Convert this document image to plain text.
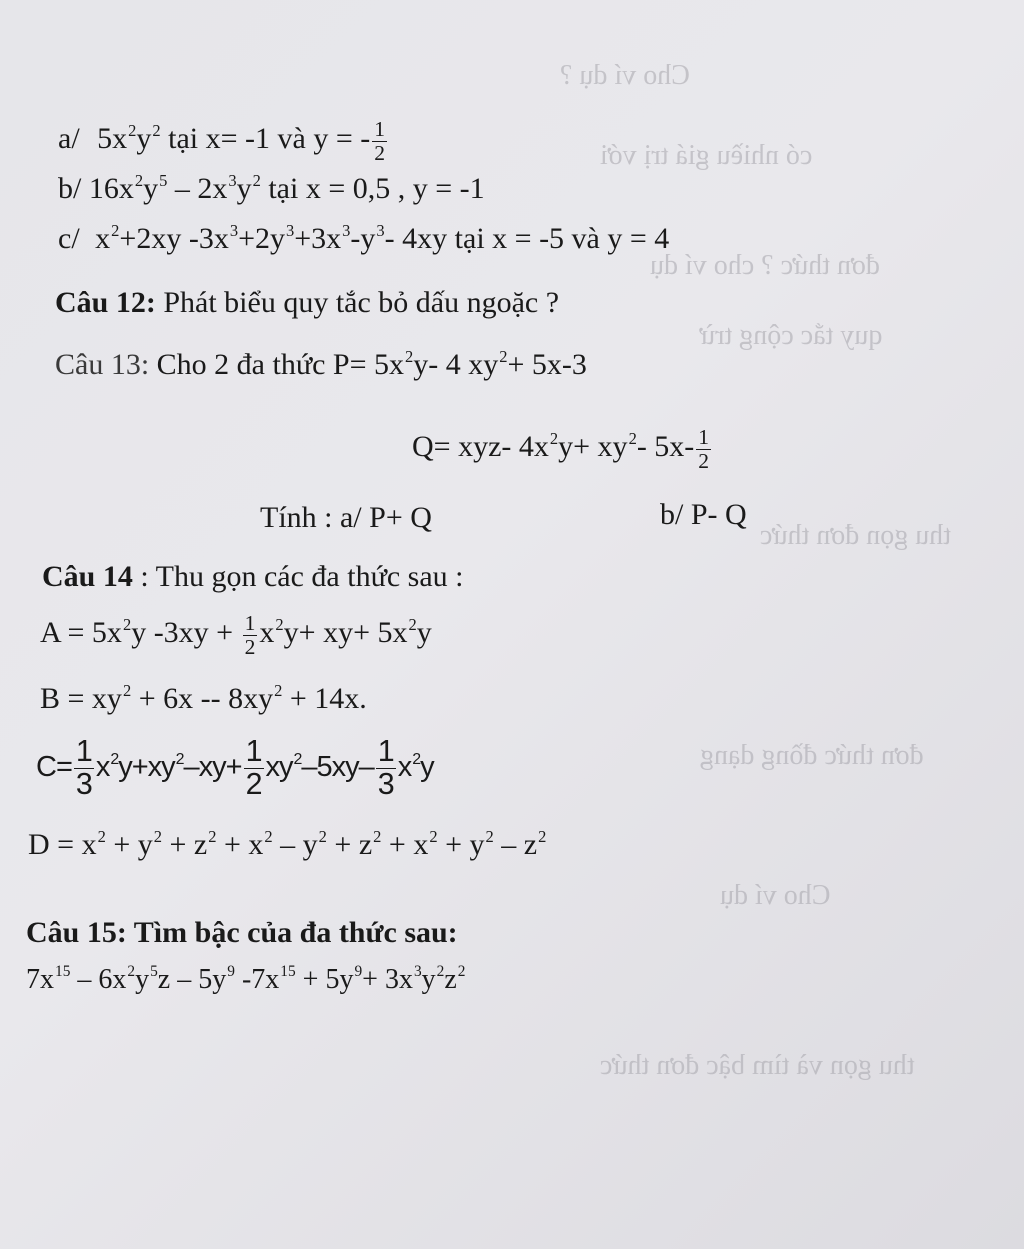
Cho ví dụ ?
có nhiều giá trị với
đơn thức ? cho ví dụ
quy tắc cộng trừ
thu gọn đơn thức
đơn thức đồng dạng
Cho ví dụ
thu gọn và tìm bậc đơn thức
a/ $5x^2y^2$ tại x= -1 và y = - $\frac{1}{2}$
b/ $16x^2y^5 - 2x^3y^2$ tại x = 0,5 , y = -1
c/ $x^2+2xy$ $-3x^3+2y^3+3x^3-y^3-$ 4xy tại x = -5 và y = 4
Câu 12: Phát biểu quy tắc bỏ dấu ngoặc ?
Câu 13: Cho 2 đa thức $P= 5x^2y-$ 4 $xy^2+ 5x-3$
Q= xyz- $4x^2y+ xy^2-$ $5x- \frac{1}{2}$
Tính : a/ P+ Q	b/ P- Q
Câu 14 : Thu gọn các đa thức sau :
$A = 5x^2y$ $-3xy + \frac{1}{2} x^2y+ xy+ 5x^2y$
$B = xy^2 + 6x -- 8xy^2 + 14x$.
$C= \frac{1}{3} x^2y+xy^2-xy+ \frac{1}{2} xy^2-5xy- \frac{1}{3} x^2y$
$D = x^2 + y^2 + z^2 + x^2 - y^2 + z^2 + x^2 + y^2 - z^2$
Câu 15: Tìm bậc của đa thức sau:
$7x^{15} - 6x^2y^5z - 5y^9$ $-7x^{15} + 5y^9+ 3x^3y^2z^2$
